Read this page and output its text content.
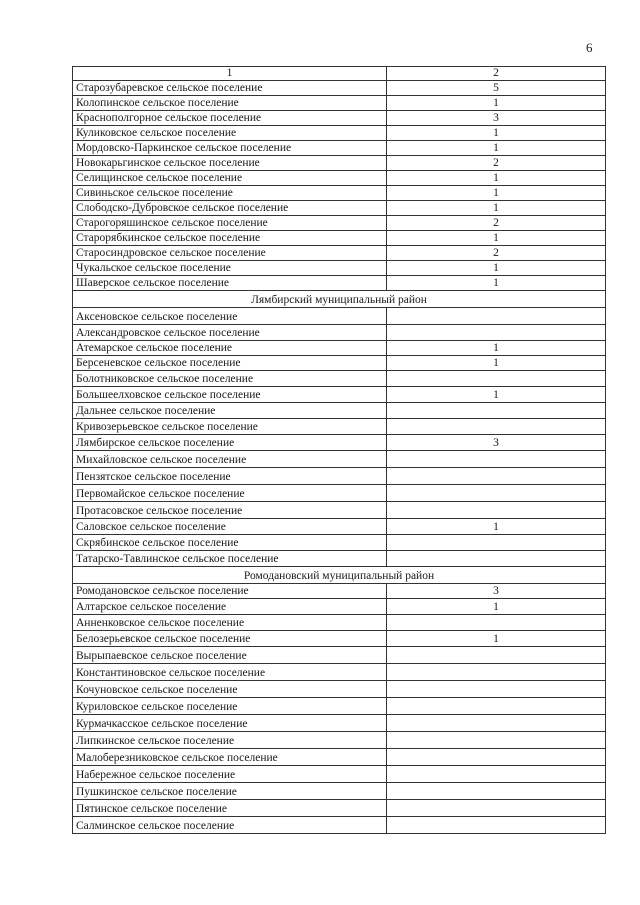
6
1	2
Старозубаревское сельское поселение	5
Колопинское сельское поселение	1
Краснополгорное сельское поселение	3
Куликовское сельское поселение	1
Мордовско-Паркинское сельское поселение	1
Новокарьгинское сельское поселение	2
Селищинское сельское поселение	1
Сивиньское сельское поселение	1
Слободско-Дубровское сельское поселение	1
Старогоряшинское сельское поселение	2
Старорябкинское сельское поселение	1
Старосиндровское сельское поселение	2
Чукальское сельское поселение	1
Шаверское сельское поселение	1
Лямбирский муниципальный район	
Аксеновское сельское поселение	
Александровское сельское поселение	
Атемарское сельское поселение	1
Берсеневское сельское поселение	1
Болотниковское сельское поселение	
Большеелховское сельское поселение	1
Дальнее сельское поселение	
Кривозерьевское сельское поселение	
Лямбирское сельское поселение	3
Михайловское сельское поселение	
Пензятское сельское поселение	
Первомайское сельское поселение	
Протасовское сельское поселение	
Саловское сельское поселение	1
Скрябинское сельское поселение	
Татарско-Тавлинское сельское поселение	
Ромодановский муниципальный район	
Ромодановское сельское поселение	3
Алтарское сельское поселение	1
Анненковское сельское поселение	
Белозерьевское сельское поселение	1
Вырыпаевское сельское поселение	
Константиновское сельское поселение	
Кочуновское сельское поселение	
Куриловское сельское поселение	
Курмачкасское сельское поселение	
Липкинское сельское поселение	
Малоберезниковское сельское поселение	
Набережное сельское поселение	
Пушкинское сельское поселение	
Пятинское сельское поселение	
Салминское сельское поселение	
